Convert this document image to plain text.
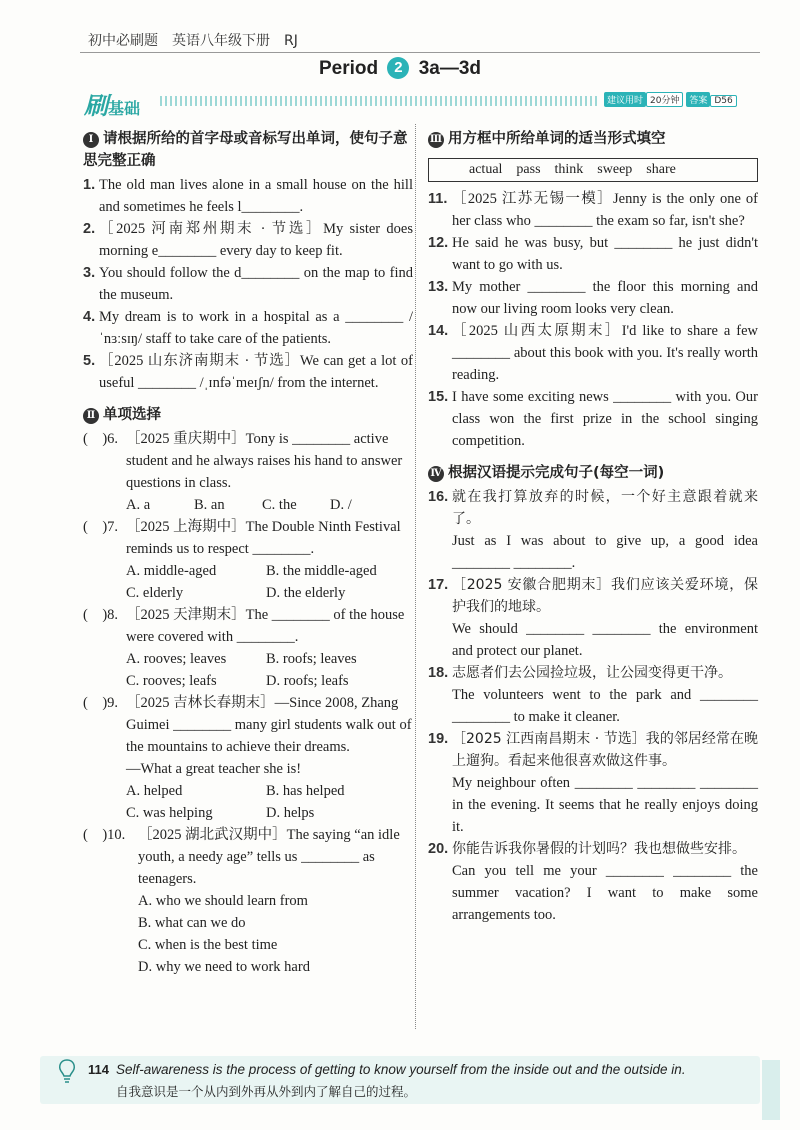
初中必刷题　英语八年级下册　RJ
Period 2 3a—3d
刷基础	建议用时 20分钟 答案 D56
Ⅰ 请根据所给的首字母或音标写出单词，使句子意思完整正确
1. The old man lives alone in a small house on the hill and sometimes he feels l________.
2. ［2025 河南郑州期末 · 节选］My sister does morning e________ every day to keep fit.
3. You should follow the d________ on the map to find the museum.
4. My dream is to work in a hospital as a ________ /ˈnɜːsɪŋ/ staff to take care of the patients.
5. ［2025 山东济南期末 · 节选］We can get a lot of useful ________ /ˌɪnfəˈmeɪʃn/ from the internet.
Ⅱ 单项选择
(　)6. ［2025 重庆期中］Tony is ________ active student and he always raises his hand to answer questions in class.
A. a	B. an	C. the	D. /
(　)7. ［2025 上海期中］The Double Ninth Festival reminds us to respect ________.
A. middle-aged	B. the middle-aged
C. elderly	D. the elderly
(　)8. ［2025 天津期末］The ________ of the house were covered with ________.
A. rooves; leaves	B. roofs; leaves
C. rooves; leafs	D. roofs; leafs
(　)9. ［2025 吉林长春期末］—Since 2008, Zhang Guimei ________ many girl students walk out of the mountains to achieve their dreams.
—What a great teacher she is!
A. helped	B. has helped
C. was helping	D. helps
(　)10. ［2025 湖北武汉期中］The saying “an idle youth, a needy age” tells us ________ as teenagers.
A. who we should learn from
B. what can we do
C. when is the best time
D. why we need to work hard
Ⅲ 用方框中所给单词的适当形式填空
actual　pass　think　sweep　share
11. ［2025 江苏无锡一模］Jenny is the only one of her class who ________ the exam so far, isn't she?
12. He said he was busy, but ________ he just didn't want to go with us.
13. My mother ________ the floor this morning and now our living room looks very clean.
14. ［2025 山西太原期末］I'd like to share a few ________ about this book with you. It's really worth reading.
15. I have some exciting news ________ with you. Our class won the first prize in the school singing competition.
Ⅳ 根据汉语提示完成句子(每空一词)
16. 就在我打算放弃的时候，一个好主意跟着就来了。
Just as I was about to give up, a good idea ________ ________.
17. ［2025 安徽合肥期末］我们应该关爱环境，保护我们的地球。
We should ________ ________ the environment and protect our planet.
18. 志愿者们去公园捡垃圾，让公园变得更干净。
The volunteers went to the park and ________ ________ to make it cleaner.
19. ［2025 江西南昌期末 · 节选］我的邻居经常在晚上遛狗。看起来他很喜欢做这件事。
My neighbour often ________ ________ ________ in the evening. It seems that he really enjoys doing it.
20. 你能告诉我你暑假的计划吗？我也想做些安排。
Can you tell me your ________ ________ the summer vacation? I want to make some arrangements too.
114 Self-awareness is the process of getting to know yourself from the inside out and the outside in.
自我意识是一个从内到外再从外到内了解自己的过程。
